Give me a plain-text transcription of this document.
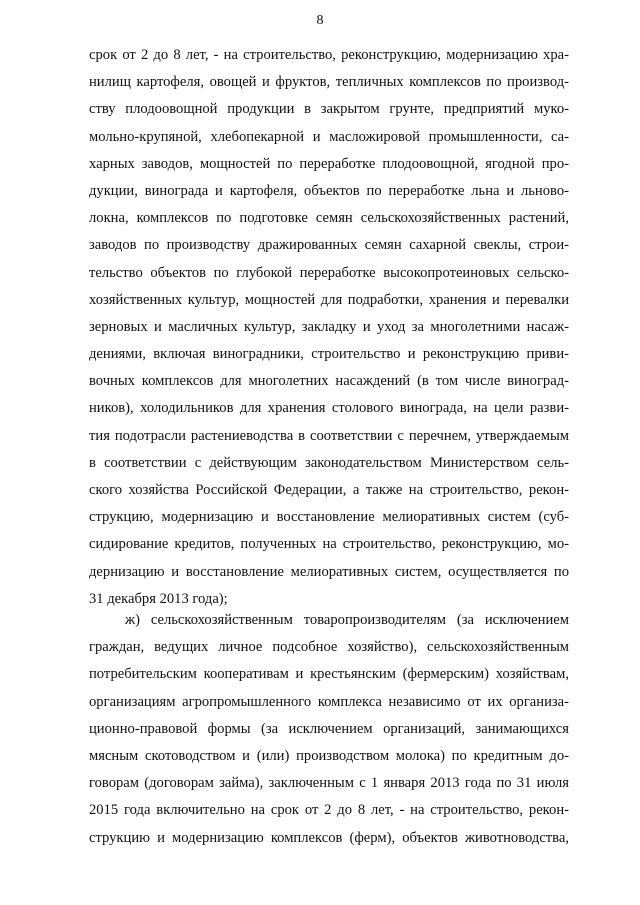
8
срок от 2 до 8 лет, - на строительство, реконструкцию, модернизацию хра-
нилищ картофеля, овощей и фруктов, тепличных комплексов по производ-
ству плодоовощной продукции в закрытом грунте, предприятий муко-
мольно-крупяной, хлебопекарной и масложировой промышленности, са-
харных заводов, мощностей по переработке плодоовощной, ягодной про-
дукции, винограда и картофеля, объектов по переработке льна и льново-
локна, комплексов по подготовке семян сельскохозяйственных растений,
заводов по производству дражированных семян сахарной свеклы, строи-
тельство объектов по глубокой переработке высокопротеиновых сельско-
хозяйственных культур, мощностей для подработки, хранения и перевалки
зерновых и масличных культур, закладку и уход за многолетними насаж-
дениями, включая виноградники, строительство и реконструкцию приви-
вочных комплексов для многолетних насаждений (в том числе виноград-
ников), холодильников для хранения столового винограда, на цели разви-
тия подотрасли растениеводства в соответствии с перечнем, утверждаемым
в соответствии с действующим законодательством Министерством сель-
ского хозяйства Российской Федерации, а также на строительство, рекон-
струкцию, модернизацию и восстановление мелиоративных систем (суб-
сидирование кредитов, полученных на строительство, реконструкцию, мо-
дернизацию и восстановление мелиоративных систем, осуществляется по
31 декабря 2013 года);
ж) сельскохозяйственным товаропроизводителям (за исключением
граждан, ведущих личное подсобное хозяйство), сельскохозяйственным
потребительским кооперативам и крестьянским (фермерским) хозяйствам,
организациям агропромышленного комплекса независимо от их организа-
ционно-правовой формы (за исключением организаций, занимающихся
мясным скотоводством и (или) производством молока) по кредитным до-
говорам (договорам займа), заключенным с 1 января 2013 года по 31 июля
2015 года включительно на срок от 2 до 8 лет, - на строительство, рекон-
струкцию и модернизацию комплексов (ферм), объектов животноводства,
